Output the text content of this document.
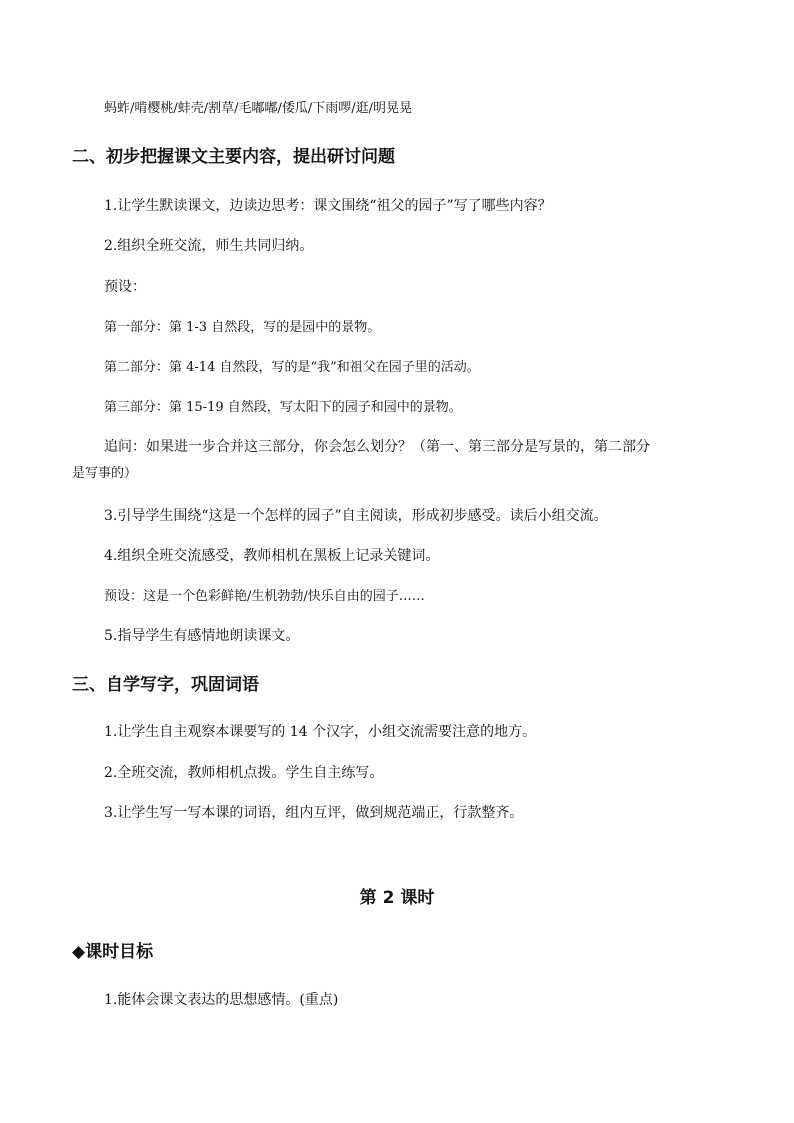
蚂蚱/啃樱桃/蚌壳/割草/毛嘟嘟/倭瓜/下雨啰/逛/明晃晃
二、初步把握课文主要内容，提出研讨问题
1.让学生默读课文，边读边思考：课文围绕“祖父的园子”写了哪些内容？
2.组织全班交流，师生共同归纳。
预设：
第一部分：第 1-3 自然段，写的是园中的景物。
第二部分：第 4-14 自然段，写的是“我”和祖父在园子里的活动。
第三部分：第 15-19 自然段，写太阳下的园子和园中的景物。
追问：如果进一步合并这三部分，你会怎么划分？（第一、第三部分是写景的，第二部分
是写事的）
3.引导学生围绕“这是一个怎样的园子”自主阅读，形成初步感受。读后小组交流。
4.组织全班交流感受，教师相机在黑板上记录关键词。
预设：这是一个色彩鲜艳/生机勃勃/快乐自由的园子……
5.指导学生有感情地朗读课文。
三、自学写字，巩固词语
1.让学生自主观察本课要写的 14 个汉字，小组交流需要注意的地方。
2.全班交流，教师相机点拨。学生自主练写。
3.让学生写一写本课的词语，组内互评，做到规范端正，行款整齐。
第 2 课时
◆课时目标
1.能体会课文表达的思想感情。(重点)
